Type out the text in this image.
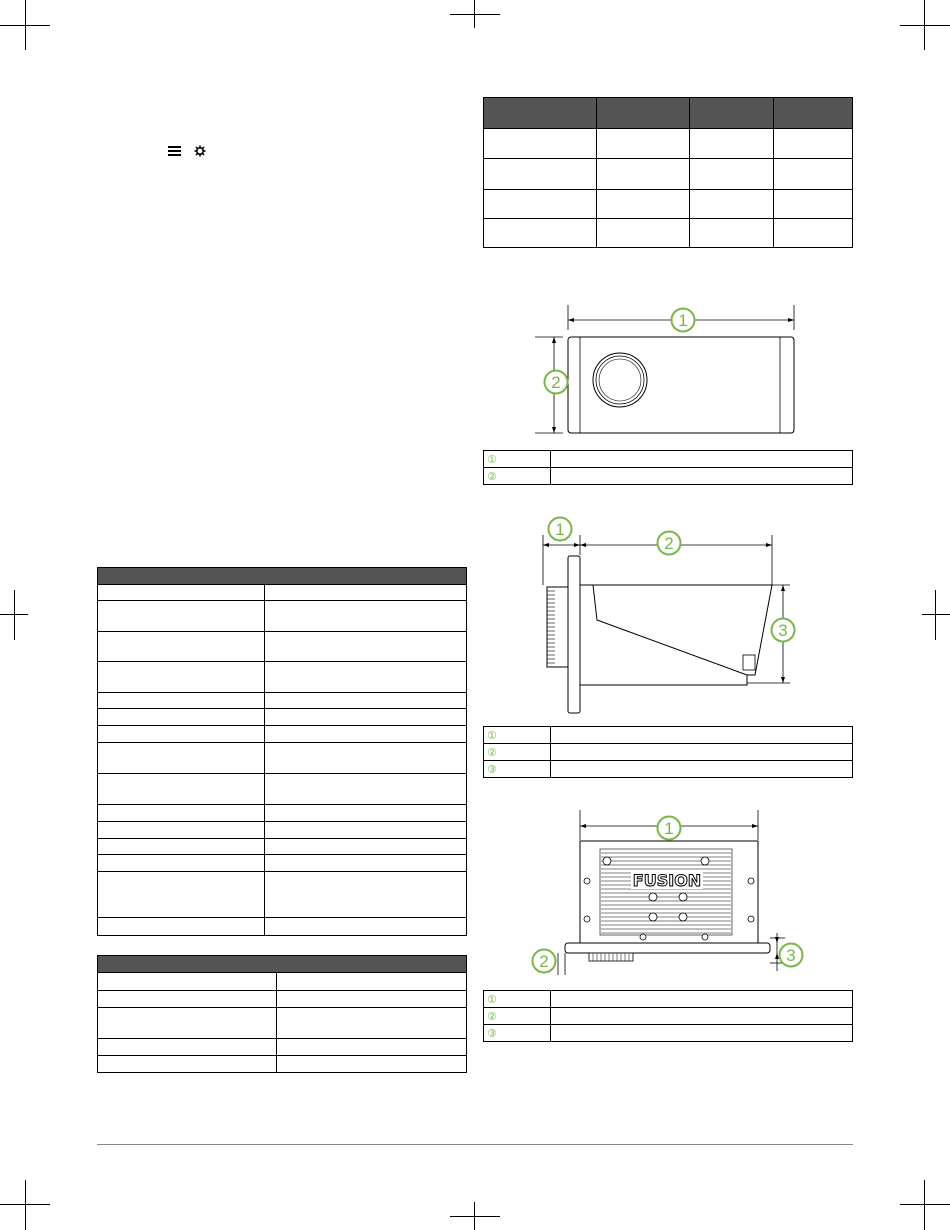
1
2
①	
②	
1
2
3
①	
②	
③	
FUSION
1
2	3
①	
②	
③	
